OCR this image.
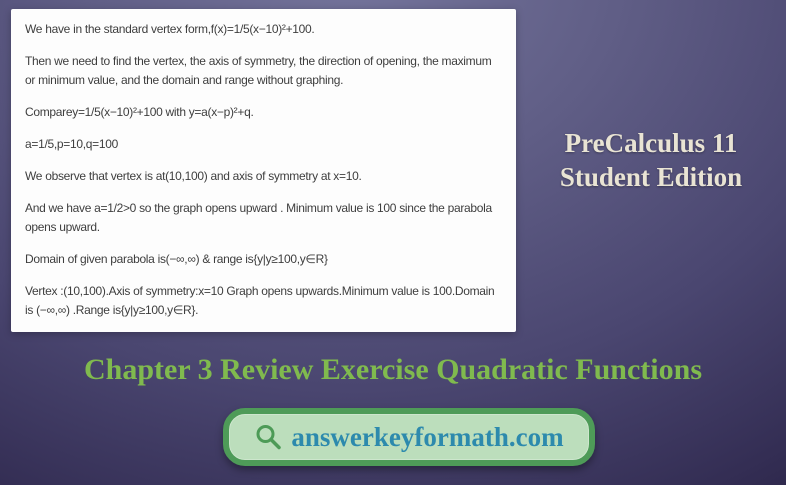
We have in the standard vertex form,f(x)=1/5(x−10)²+100.

Then we need to find the vertex, the axis of symmetry, the direction of opening, the maximum or minimum value, and the domain and range without graphing.

Comparey=1/5(x−10)²+100 with y=a(x−p)²+q.

a=1/5,p=10,q=100

We observe that vertex is at(10,100) and axis of symmetry at x=10.

And we have a=1/2>0 so the graph opens upward . Minimum value is 100 since the parabola opens upward.

Domain of given parabola is(−∞,∞) & range is{y|y≥100,y∈R}

Vertex :(10,100).Axis of symmetry:x=10 Graph opens upwards.Minimum value is 100.Domain is (−∞,∞) .Range is{y|y≥100,y∈R}.

PreCalculus 11
Student Edition
Chapter 3 Review Exercise Quadratic Functions
answerkeyformath.com
